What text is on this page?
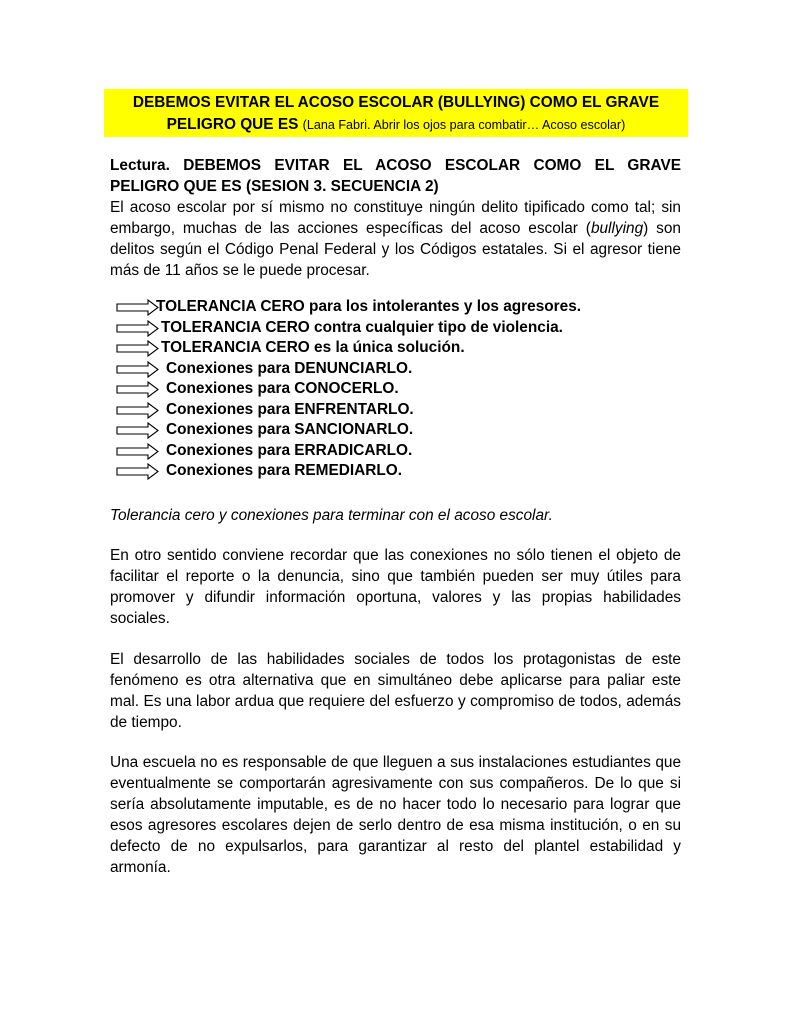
DEBEMOS EVITAR EL ACOSO ESCOLAR (BULLYING) COMO EL GRAVE
PELIGRO QUE ES (Lana Fabri. Abrir los ojos para combatir… Acoso escolar)
Lectura. DEBEMOS EVITAR EL ACOSO ESCOLAR COMO EL GRAVE
PELIGRO QUE ES (SESION 3. SECUENCIA 2)
El acoso escolar por sí mismo no constituye ningún delito tipificado como tal; sin embargo, muchas de las acciones específicas del acoso escolar (bullying) son delitos según el Código Penal Federal y los Códigos estatales. Si el agresor tiene más de 11 años se le puede procesar.
TOLERANCIA CERO para los intolerantes y los agresores.
TOLERANCIA CERO contra cualquier tipo de violencia.
TOLERANCIA CERO es la única solución.
Conexiones para DENUNCIARLO.
Conexiones para CONOCERLO.
Conexiones para ENFRENTARLO.
Conexiones para SANCIONARLO.
Conexiones para ERRADICARLO.
Conexiones para REMEDIARLO.
Tolerancia cero y conexiones para terminar con el acoso escolar.
En otro sentido conviene recordar que las conexiones no sólo tienen el objeto de facilitar el reporte o la denuncia, sino que también pueden ser muy útiles para promover y difundir información oportuna, valores y las propias habilidades sociales.
El desarrollo de las habilidades sociales de todos los protagonistas de este fenómeno es otra alternativa que en simultáneo debe aplicarse para paliar este mal. Es una labor ardua que requiere del esfuerzo y compromiso de todos, además de tiempo.
Una escuela no es responsable de que lleguen a sus instalaciones estudiantes que eventualmente se comportarán agresivamente con sus compañeros. De lo que si sería absolutamente imputable, es de no hacer todo lo necesario para lograr que esos agresores escolares dejen de serlo dentro de esa misma institución, o en su defecto de no expulsarlos, para garantizar al resto del plantel estabilidad y armonía.
